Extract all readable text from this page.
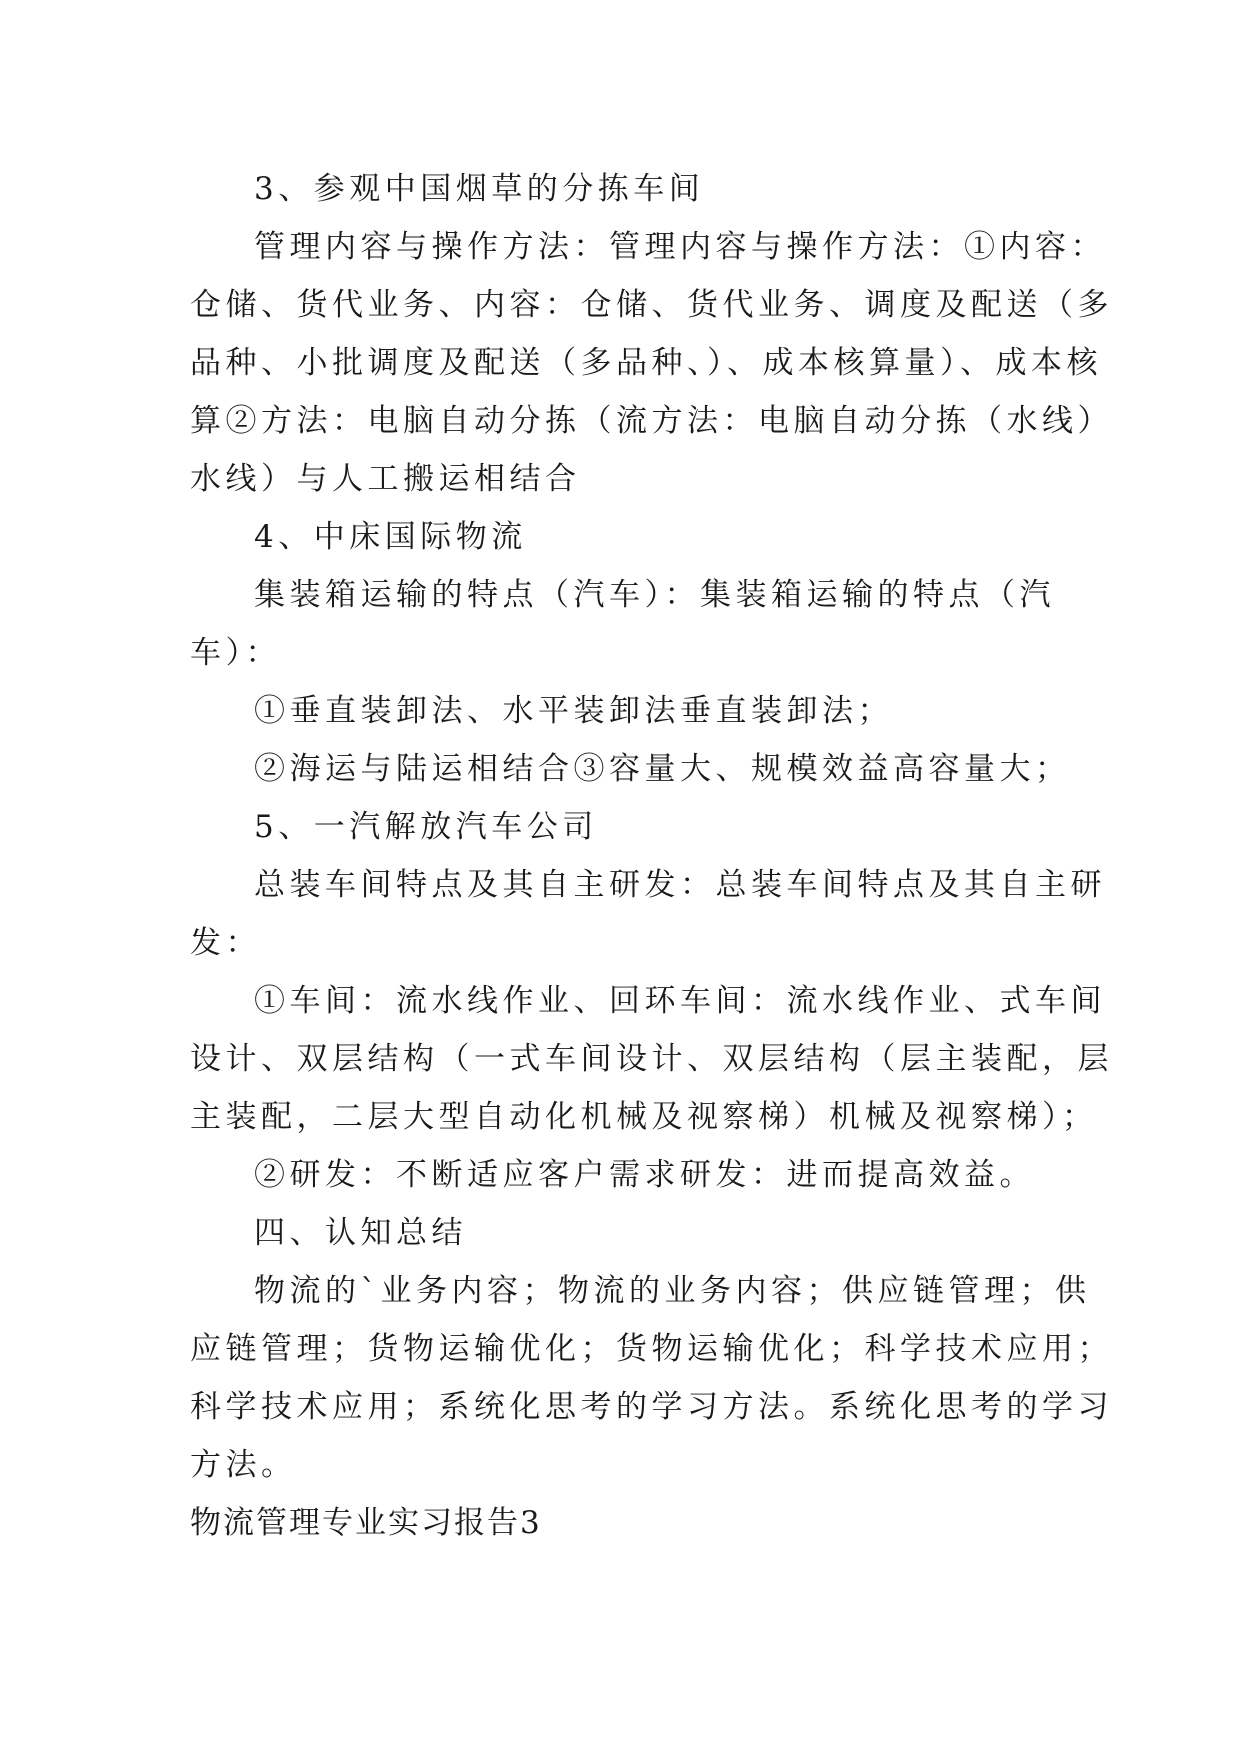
3、参观中国烟草的分拣车间
管理内容与操作方法：管理内容与操作方法：①内容：
仓储、货代业务、内容：仓储、货代业务、调度及配送（多
品种、小批调度及配送（多品种、）、成本核算量）、成本核
算②方法：电脑自动分拣（流方法：电脑自动分拣（水线）
水线）与人工搬运相结合
4、中床国际物流
集装箱运输的特点（汽车）：集装箱运输的特点（汽
车）：
①垂直装卸法、水平装卸法垂直装卸法；
②海运与陆运相结合③容量大、规模效益高容量大；
5、一汽解放汽车公司
总装车间特点及其自主研发：总装车间特点及其自主研
发：
①车间：流水线作业、回环车间：流水线作业、式车间
设计、双层结构（一式车间设计、双层结构（层主装配，层
主装配，二层大型自动化机械及视察梯）机械及视察梯）；
②研发：不断适应客户需求研发：进而提高效益。
四、认知总结
物流的`业务内容；物流的业务内容；供应链管理；供
应链管理；货物运输优化；货物运输优化；科学技术应用；
科学技术应用；系统化思考的学习方法。系统化思考的学习
方法。
物流管理专业实习报告3
